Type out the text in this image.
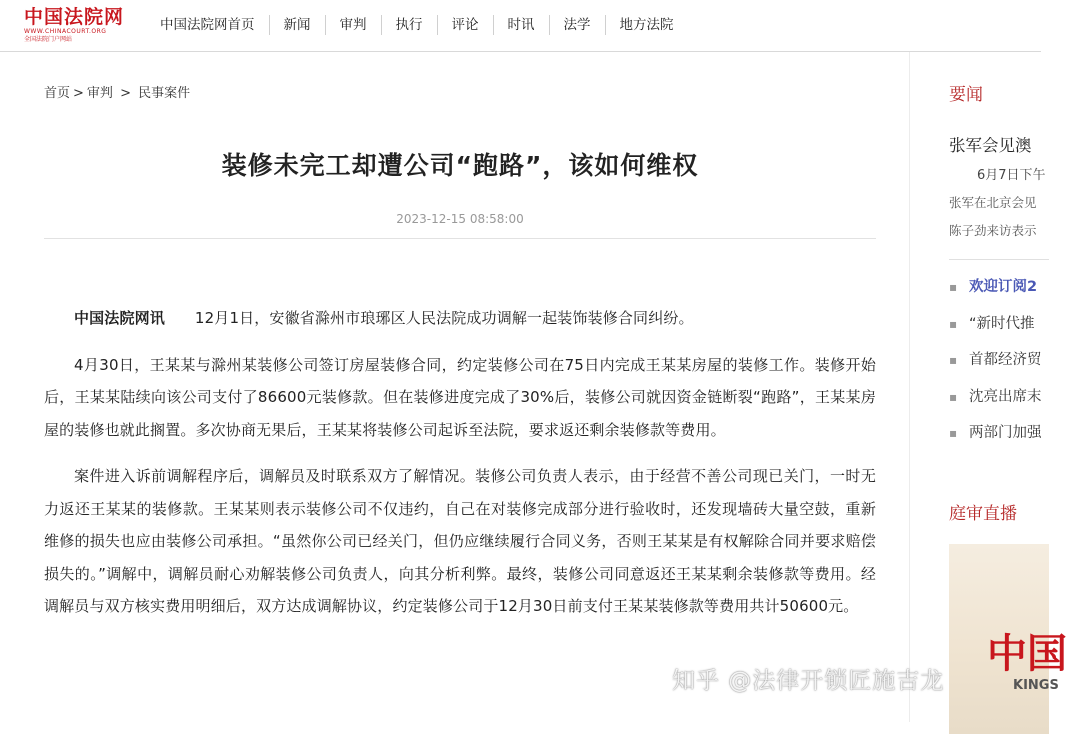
中国法院网
WWW.CHINACOURT.ORG
全国法院门户网站
中国法院网首页	新闻	审判	执行	评论	时讯	法学	地方法院
首页 > 审判 > 民事案件
装修未完工却遭公司“跑路”，该如何维权
2023-12-15 08:58:00

中国法院网讯 12月1日，安徽省滁州市琅琊区人民法院成功调解一起装饰装修合同纠纷。

4月30日，王某某与滁州某装修公司签订房屋装修合同，约定装修公司在75日内完成王某某房屋的装修工作。装修开始后，王某某陆续向该公司支付了86600元装修款。但在装修进度完成了30%后，装修公司就因资金链断裂“跑路”，王某某房屋的装修也就此搁置。多次协商无果后，王某某将装修公司起诉至法院，要求返还剩余装修款等费用。

案件进入诉前调解程序后，调解员及时联系双方了解情况。装修公司负责人表示，由于经营不善公司现已关门，一时无力返还王某某的装修款。王某某则表示装修公司不仅违约，自己在对装修完成部分进行验收时，还发现墙砖大量空鼓，重新维修的损失也应由装修公司承担。“虽然你公司已经关门，但仍应继续履行合同义务，否则王某某是有权解除合同并要求赔偿损失的。”调解中，调解员耐心劝解装修公司负责人，向其分析利弊。最终，装修公司同意返还王某某剩余装修款等费用。经调解员与双方核实费用明细后，双方达成调解协议，约定装修公司于12月30日前支付王某某装修款等费用共计50600元。

要闻
张军会见澳
6月7日下午
张军在北京会见
陈子劲来访表示
▪ 欢迎订阅2
▪ “新时代推
▪ 首都经济贸
▪ 沈亮出席末
▪ 两部门加强
庭审直播
中国
KINGS
知乎 @法律开锁匠施吉龙
